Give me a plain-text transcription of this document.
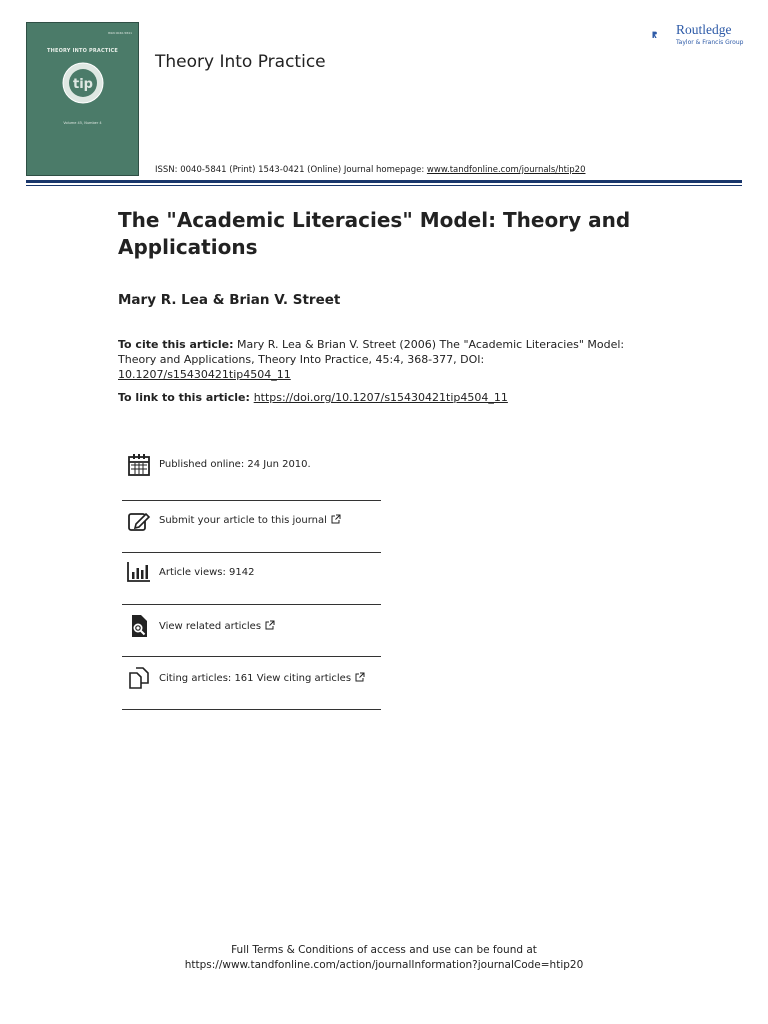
ISSN 0040-5841
THEORY INTO PRACTICE
tip
Volume 45, Number 4
Theory Into Practice
ISSN: 0040-5841 (Print) 1543-0421 (Online) Journal homepage: www.tandfonline.com/journals/htip20
Routledge
Taylor & Francis Group
The "Academic Literacies" Model: Theory and Applications
Mary R. Lea & Brian V. Street
To cite this article: Mary R. Lea & Brian V. Street (2006) The "Academic Literacies" Model: Theory and Applications, Theory Into Practice, 45:4, 368-377, DOI: 10.1207/s15430421tip4504_11
To link to this article: https://doi.org/10.1207/s15430421tip4504_11
Published online: 24 Jun 2010.
Submit your article to this journal
Article views: 9142
View related articles
Citing articles: 161 View citing articles
Full Terms & Conditions of access and use can be found at
https://www.tandfonline.com/action/journalInformation?journalCode=htip20
